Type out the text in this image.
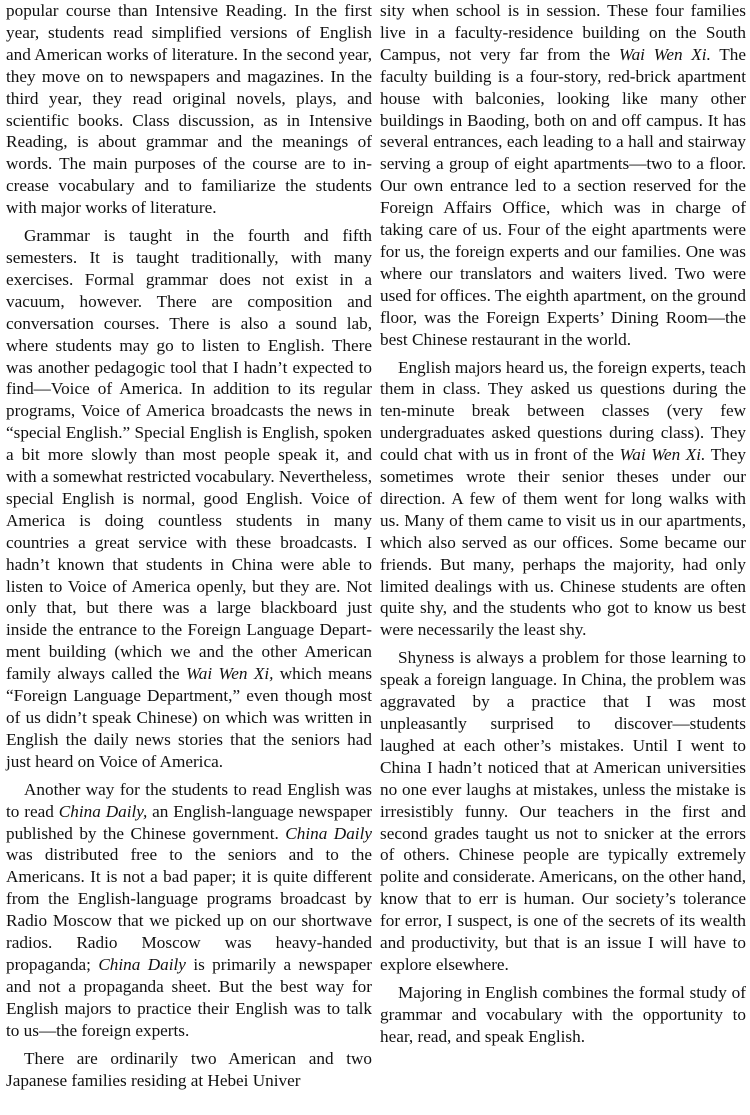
popular course than Intensive Reading. In the first year, students read simplified versions of English and American works of literature. In the second year, they move on to newspapers and magazines. In the third year, they read original novels, plays, and scientific books. Class discussion, as in Intensive Reading, is about grammar and the meanings of words. The main purposes of the course are to increase vocabulary and to familiarize the students with major works of literature.

Grammar is taught in the fourth and fifth semesters. It is taught traditionally, with many exercises. Formal grammar does not exist in a vacuum, however. There are composition and conversation courses. There is also a sound lab, where students may go to listen to English. There was another pedagogic tool that I hadn’t expected to find—Voice of America. In addition to its regular programs, Voice of America broadcasts the news in “special English.” Special English is English, spoken a bit more slowly than most people speak it, and with a somewhat restricted vocabulary. Nevertheless, special English is normal, good English. Voice of America is doing countless students in many countries a great service with these broadcasts. I hadn’t known that students in China were able to listen to Voice of America openly, but they are. Not only that, but there was a large blackboard just inside the entrance to the Foreign Language Department building (which we and the other American family always called the Wai Wen Xi, which means “Foreign Language Department,” even though most of us didn’t speak Chinese) on which was written in English the daily news stories that the seniors had just heard on Voice of America.

Another way for the students to read English was to read China Daily, an English-language newspaper published by the Chinese government. China Daily was distributed free to the seniors and to the Americans. It is not a bad paper; it is quite different from the English-language programs broadcast by Radio Moscow that we picked up on our shortwave radios. Radio Moscow was heavy-handed propaganda; China Daily is primarily a newspaper and not a propaganda sheet. But the best way for English majors to practice their English was to talk to us—the foreign experts.

There are ordinarily two American and two Japanese families residing at Hebei Univer

sity when school is in session. These four families live in a faculty-residence building on the South Campus, not very far from the Wai Wen Xi. The faculty building is a four-story, red-brick apartment house with balconies, looking like many other buildings in Baoding, both on and off campus. It has several entrances, each leading to a hall and stairway serving a group of eight apartments—two to a floor. Our own entrance led to a section reserved for the Foreign Affairs Office, which was in charge of taking care of us. Four of the eight apartments were for us, the foreign experts and our families. One was where our translators and waiters lived. Two were used for offices. The eighth apartment, on the ground floor, was the Foreign Experts’ Dining Room—the best Chinese restaurant in the world.

English majors heard us, the foreign experts, teach them in class. They asked us questions during the ten-minute break between classes (very few undergraduates asked questions during class). They could chat with us in front of the Wai Wen Xi. They sometimes wrote their senior theses under our direction. A few of them went for long walks with us. Many of them came to visit us in our apartments, which also served as our offices. Some became our friends. But many, perhaps the majority, had only limited dealings with us. Chinese students are often quite shy, and the students who got to know us best were necessarily the least shy.

Shyness is always a problem for those learning to speak a foreign language. In China, the problem was aggravated by a practice that I was most unpleasantly surprised to discover—students laughed at each other’s mistakes. Until I went to China I hadn’t noticed that at American universities no one ever laughs at mistakes, unless the mistake is irresistibly funny. Our teachers in the first and second grades taught us not to snicker at the errors of others. Chinese people are typically extremely polite and considerate. Americans, on the other hand, know that to err is human. Our society’s tolerance for error, I suspect, is one of the secrets of its wealth and productivity, but that is an issue I will have to explore elsewhere.

Majoring in English combines the formal study of grammar and vocabulary with the opportunity to hear, read, and speak English.
